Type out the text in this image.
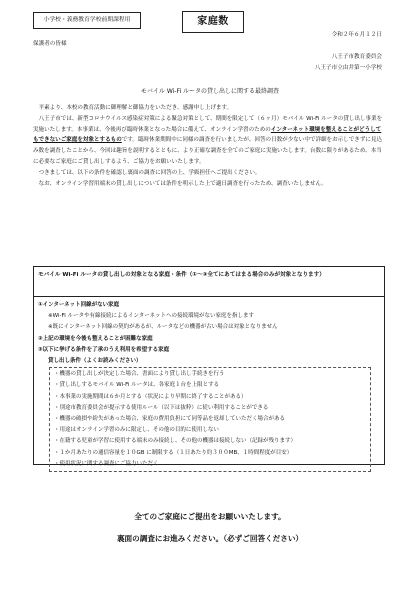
小学校・義務教育学校前期課程用	家庭数
令和２年６月１２日
保護者の皆様
八王子市教育委員会
八王子市立由井第一小学校
モバイル Wi-Fi ルータの貸し出しに関する最終調査

平素より、本校の教育活動に御理解と御協力をいただき、感謝申し上げます。

八王子市では、新型コロナウイルス感染症対策による緊急対策として、期間を限定して（６ヶ月）モバイル Wi-Fi ルータの貸し出し事業を実施いたします。本事業は、今後再び臨時休業となった場合に備えて、オンライン学習のためのインターネット環境を整えることがどうしてもできないご家庭を対象とするものです。臨時休業期間中に同様の調査を行いましたが、回答の日数が少ない中で詳細をお示しできずに見込み数を調査したことから、今回は趣旨を説明するとともに、より正確な調査を全てのご家庭に実施いたします。台数に限りがあるため、本当に必要なご家庭にご貸し出しするよう、ご協力をお願いいたします。

つきましては、以下の条件を確認し裏面の調査に回答の上、学級担任へご提出ください。

なお、オンライン学習用端末の貸し出しについては条件を明示した上で適日調査を行ったため、調査いたしません。

モバイル Wi-Fi ルータの貸し出しの対象となる家庭・条件（①～③全てにあてはまる場合のみが対象となります）
①インターネット回線がない家庭
※Wi-Fi ルータや有線接続によるインターネットへの接続環境がない家庭を指します
※既にインターネット回線の契約があるが、ルータなどの機器が古い場合は対象となりません
②上記の環境を今後も整えることが困難な家庭
③以下に挙げる条件を了承のうえ利用を希望する家庭
貸し出し条件（よくお読みください）
・機器の貸し出しが決定した場合、書面により貸し出し手続きを行う
・貸し出しするモバイル Wi-Fi ルータは、各家庭１台を上限とする
・本事業の実施期間は６か月とする（状況により早期に終了することがある）
・別途市教育委員会が提示する使用ルール（以下は抜粋）に従い利用することができる
・機器の破損や紛失があった場合、家庭の費用負担にて同等品を返却していただく場合がある
・用途はオンライン学習のみに限定し、その他の目的に使用しない
・在籍する児童が学習に使用する端末のみ接続し、その他の機器は接続しない（記録が残ります）
・１か月あたりの通信容量を１０GB に制限する（１日あたり約３００MB、１時間程度が目安）
・使用状況に関する調査にご協力いただく
全てのご家庭にご提出をお願いいたします。
裏面の調査にお進みください。（必ずご回答ください）
